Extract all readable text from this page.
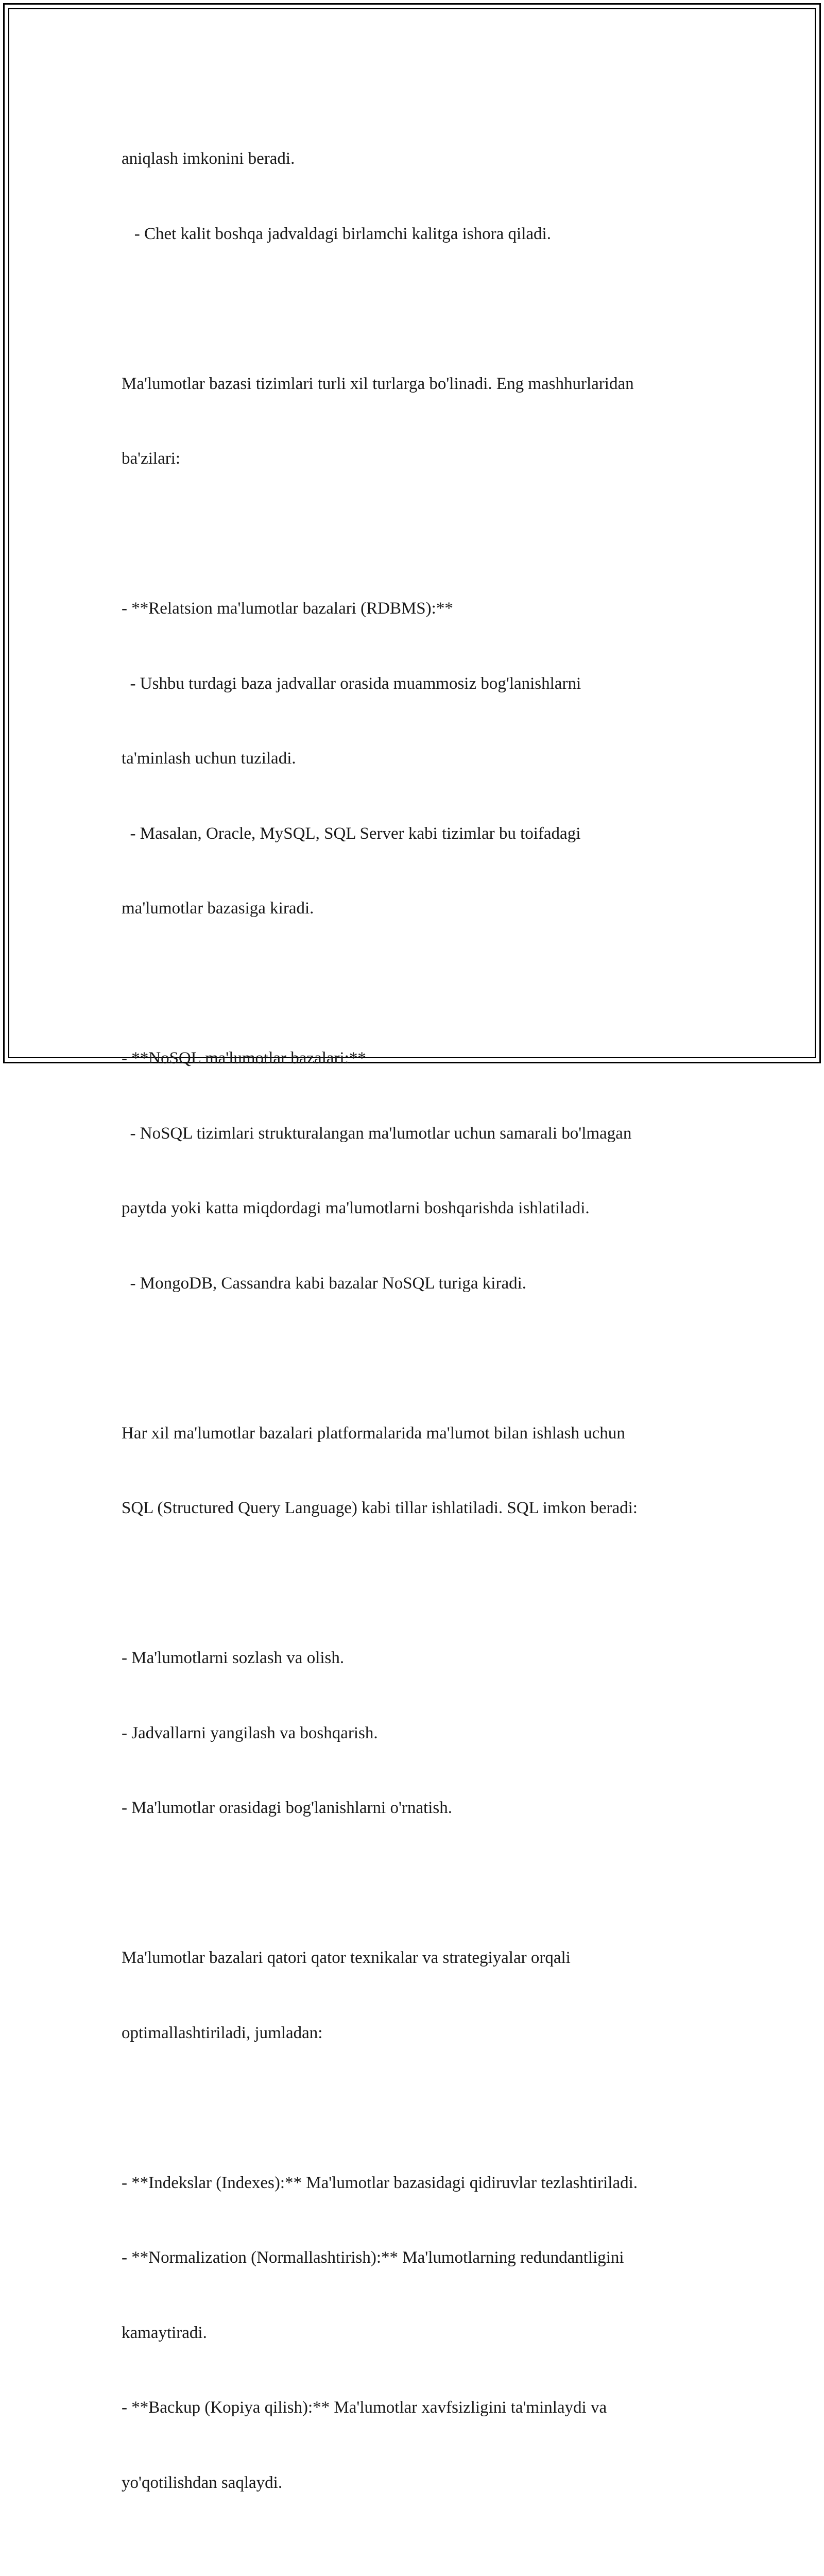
aniqlash imkonini beradi.

- Chet kalit boshqa jadvaldagi birlamchi kalitga ishora qiladi.

Ma'lumotlar bazasi tizimlari turli xil turlarga bo'linadi. Eng mashhurlaridan

ba'zilari:

- **Relatsion ma'lumotlar bazalari (RDBMS):**

- Ushbu turdagi baza jadvallar orasida muammosiz bog'lanishlarni

ta'minlash uchun tuziladi.

- Masalan, Oracle, MySQL, SQL Server kabi tizimlar bu toifadagi

ma'lumotlar bazasiga kiradi.

- **NoSQL ma'lumotlar bazalari:**

- NoSQL tizimlari strukturalangan ma'lumotlar uchun samarali bo'lmagan

paytda yoki katta miqdordagi ma'lumotlarni boshqarishda ishlatiladi.

- MongoDB, Cassandra kabi bazalar NoSQL turiga kiradi.

Har xil ma'lumotlar bazalari platformalarida ma'lumot bilan ishlash uchun

SQL (Structured Query Language) kabi tillar ishlatiladi. SQL imkon beradi:

- Ma'lumotlarni sozlash va olish.

- Jadvallarni yangilash va boshqarish.

- Ma'lumotlar orasidagi bog'lanishlarni o'rnatish.

Ma'lumotlar bazalari qatori qator texnikalar va strategiyalar orqali

optimallashtiriladi, jumladan:

- **Indekslar (Indexes):** Ma'lumotlar bazasidagi qidiruvlar tezlashtiriladi.

- **Normalization (Normallashtirish):** Ma'lumotlarning redundantligini

kamaytiradi.

- **Backup (Kopiya qilish):** Ma'lumotlar xavfsizligini ta'minlaydi va

yo'qotilishdan saqlaydi.
